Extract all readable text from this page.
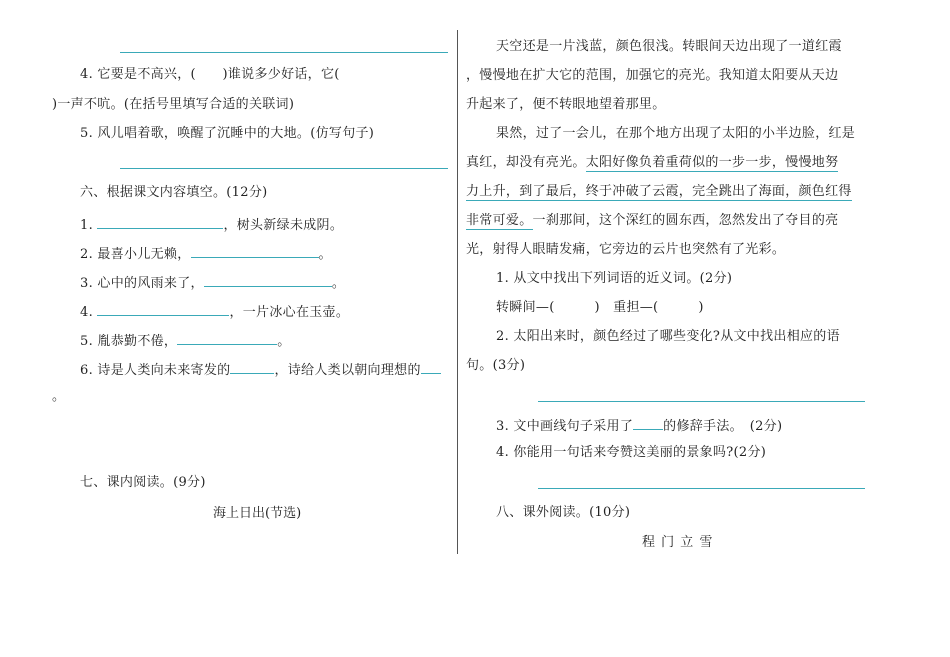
4. 它要是不高兴，(　　)谁说多少好话，它(
)一声不吭。(在括号里填写合适的关联词)
5. 风儿唱着歌，唤醒了沉睡中的大地。(仿写句子)
六、根据课文内容填空。(12分)
1.	，树头新绿未成阴。
2. 最喜小儿无赖，	。
3. 心中的风雨来了，	。
4.	，一片冰心在玉壶。
5. 胤恭勤不倦，	。
6. 诗是人类向未来寄发的	，诗给人类以朝向理想的
。
七、课内阅读。(9分)
海上日出(节选)
天空还是一片浅蓝，颜色很浅。转眼间天边出现了一道红霞
，慢慢地在扩大它的范围，加强它的亮光。我知道太阳要从天边
升起来了，便不转眼地望着那里。
果然，过了一会儿，在那个地方出现了太阳的小半边脸，红是
真红，却没有亮光。太阳好像负着重荷似的一步一步，慢慢地努
力上升，到了最后，终于冲破了云霞，完全跳出了海面，颜色红得
非常可爱。一刹那间，这个深红的圆东西，忽然发出了夺目的亮
光，射得人眼睛发痛，它旁边的云片也突然有了光彩。
1. 从文中找出下列词语的近义词。(2分)
转瞬间—(　　　)　重担—(　　　)
2. 太阳出来时，颜色经过了哪些变化?从文中找出相应的语
句。(3分)
3. 文中画线句子采用了 的修辞手法。　(2分)
4. 你能用一句话来夸赞这美丽的景象吗?(2分)
八、课外阅读。(10分)
程 门 立 雪
